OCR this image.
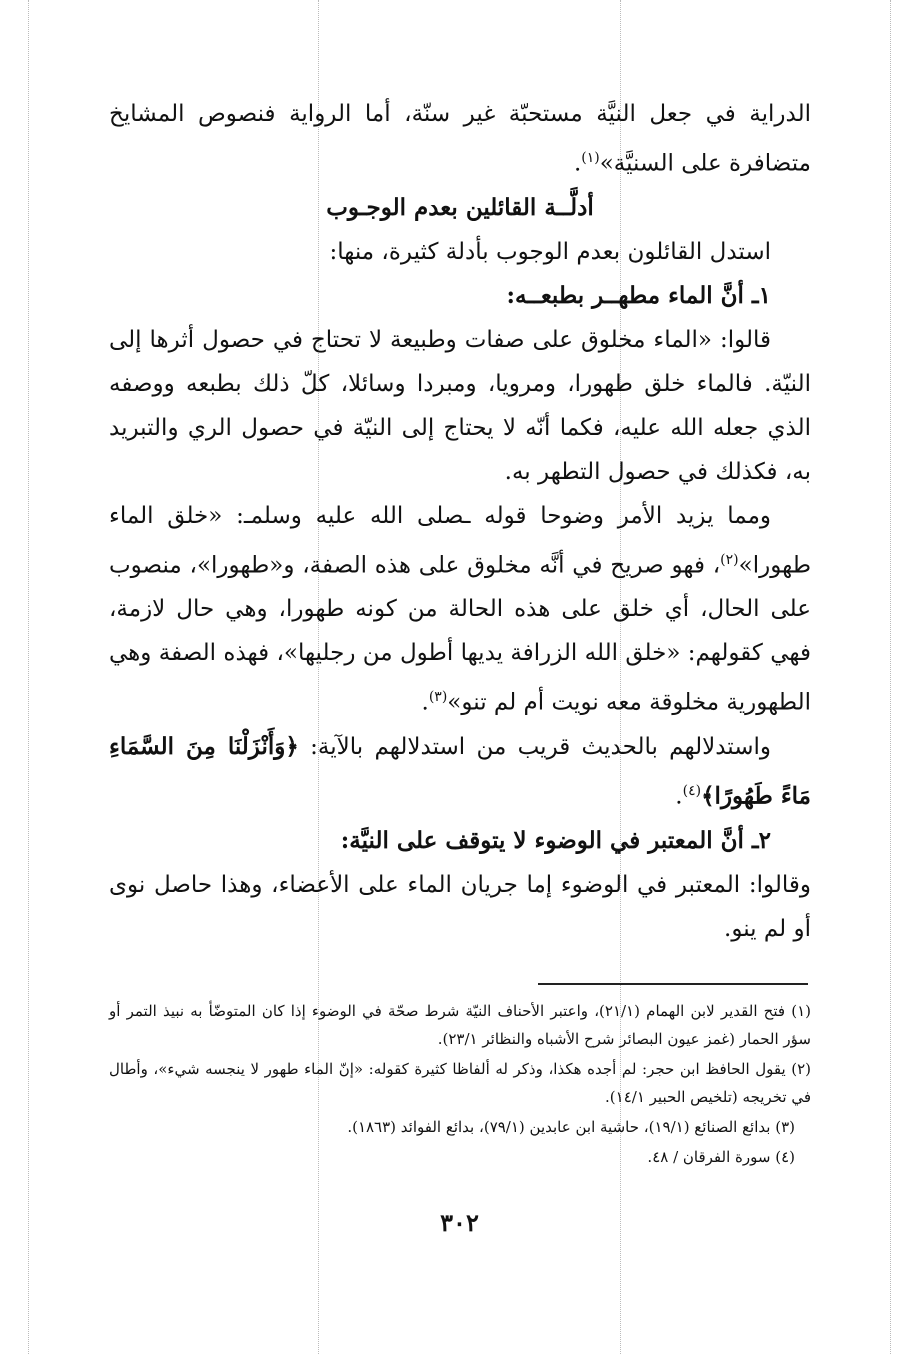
الدراية في جعل النيَّة مستحبّة غير سنّة، أما الرواية فنصوص المشايخ متضافرة على السنيَّة»$^{(١)}$.

أدلَّــة القائلين بعدم الوجـوب

استدل القائلون بعدم الوجوب بأدلة كثيرة، منها:

١ـ أنَّ الماء مطهــر بطبعــه:

قالوا: «الماء مخلوق على صفات وطبيعة لا تحتاج في حصول أثرها إلى النيّة. فالماء خلق طهورا، ومرويا، ومبردا وسائلا، كلّ ذلك بطبعه ووصفه الذي جعله الله عليه، فكما أنّه لا يحتاج إلى النيّة في حصول الري والتبريد به، فكذلك في حصول التطهر به.

ومما يزيد الأمر وضوحا قوله ـصلى الله عليه وسلمـ: «خلق الماء طهورا»$^{(٢)}$، فهو صريح في أنَّه مخلوق على هذه الصفة، و«طهورا»، منصوب على الحال، أي خلق على هذه الحالة من كونه طهورا، وهي حال لازمة، فهي كقولهم: «خلق الله الزرافة يديها أطول من رجليها»، فهذه الصفة وهي الطهورية مخلوقة معه نويت أم لم تنو»$^{(٣)}$.

واستدلالهم بالحديث قريب من استدلالهم بالآية: ﴿وَأَنْزَلْنَا مِنَ السَّمَاءِ مَاءً طَهُورًا﴾$^{(٤)}$.

٢ـ أنَّ المعتبر في الوضوء لا يتوقف على النيَّة:

وقالوا: المعتبر في الوضوء إما جريان الماء على الأعضاء، وهذا حاصل نوى أو لم ينو.

(١) فتح القدير لابن الهمام (٢١/١)، واعتبر الأحناف النيّة شرط صحّة في الوضوء إذا كان المتوضّأ به نبيذ التمر أو سؤر الحمار (غمز عيون البصائر شرح الأشباه والنظائر ٢٣/١).

(٢) يقول الحافظ ابن حجر: لم أجده هكذا، وذكر له ألفاظا كثيرة كقوله: «إنّ الماء طهور لا ينجسه شيء»، وأطال في تخريجه (تلخيص الحبير ١٤/١).

(٣) بدائع الصنائع (١٩/١)، حاشية ابن عابدين (٧٩/١)، بدائع الفوائد (١٨٦٣).

(٤) سورة الفرقان / ٤٨.

٣٠٢
